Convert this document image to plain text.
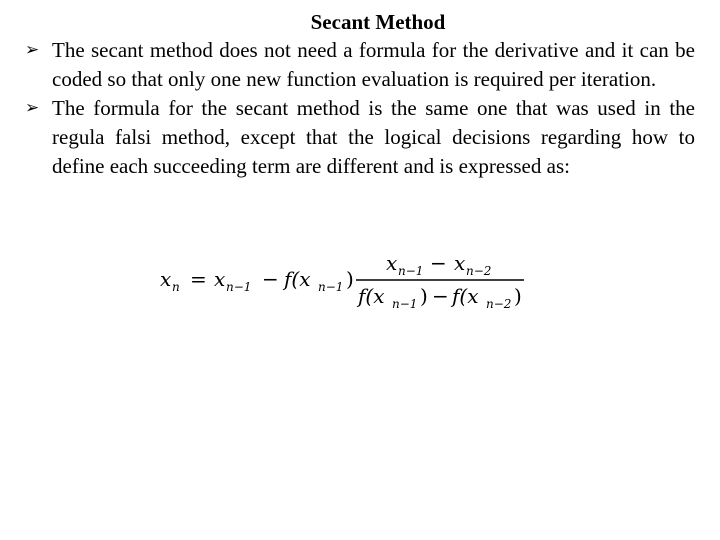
Secant Method
➢ The secant method does not need a formula for the derivative and it can be coded so that only one new function evaluation is required per iteration.
➢ The formula for the secant method is the same one that was used in the regula falsi method, except that the logical decisions regarding how to define each succeeding term are different and is expressed as:
x n = x n−1 − f(x n−1 )
x n−1 − x n−2
f(x n−1 ) − f(x n−2 )
